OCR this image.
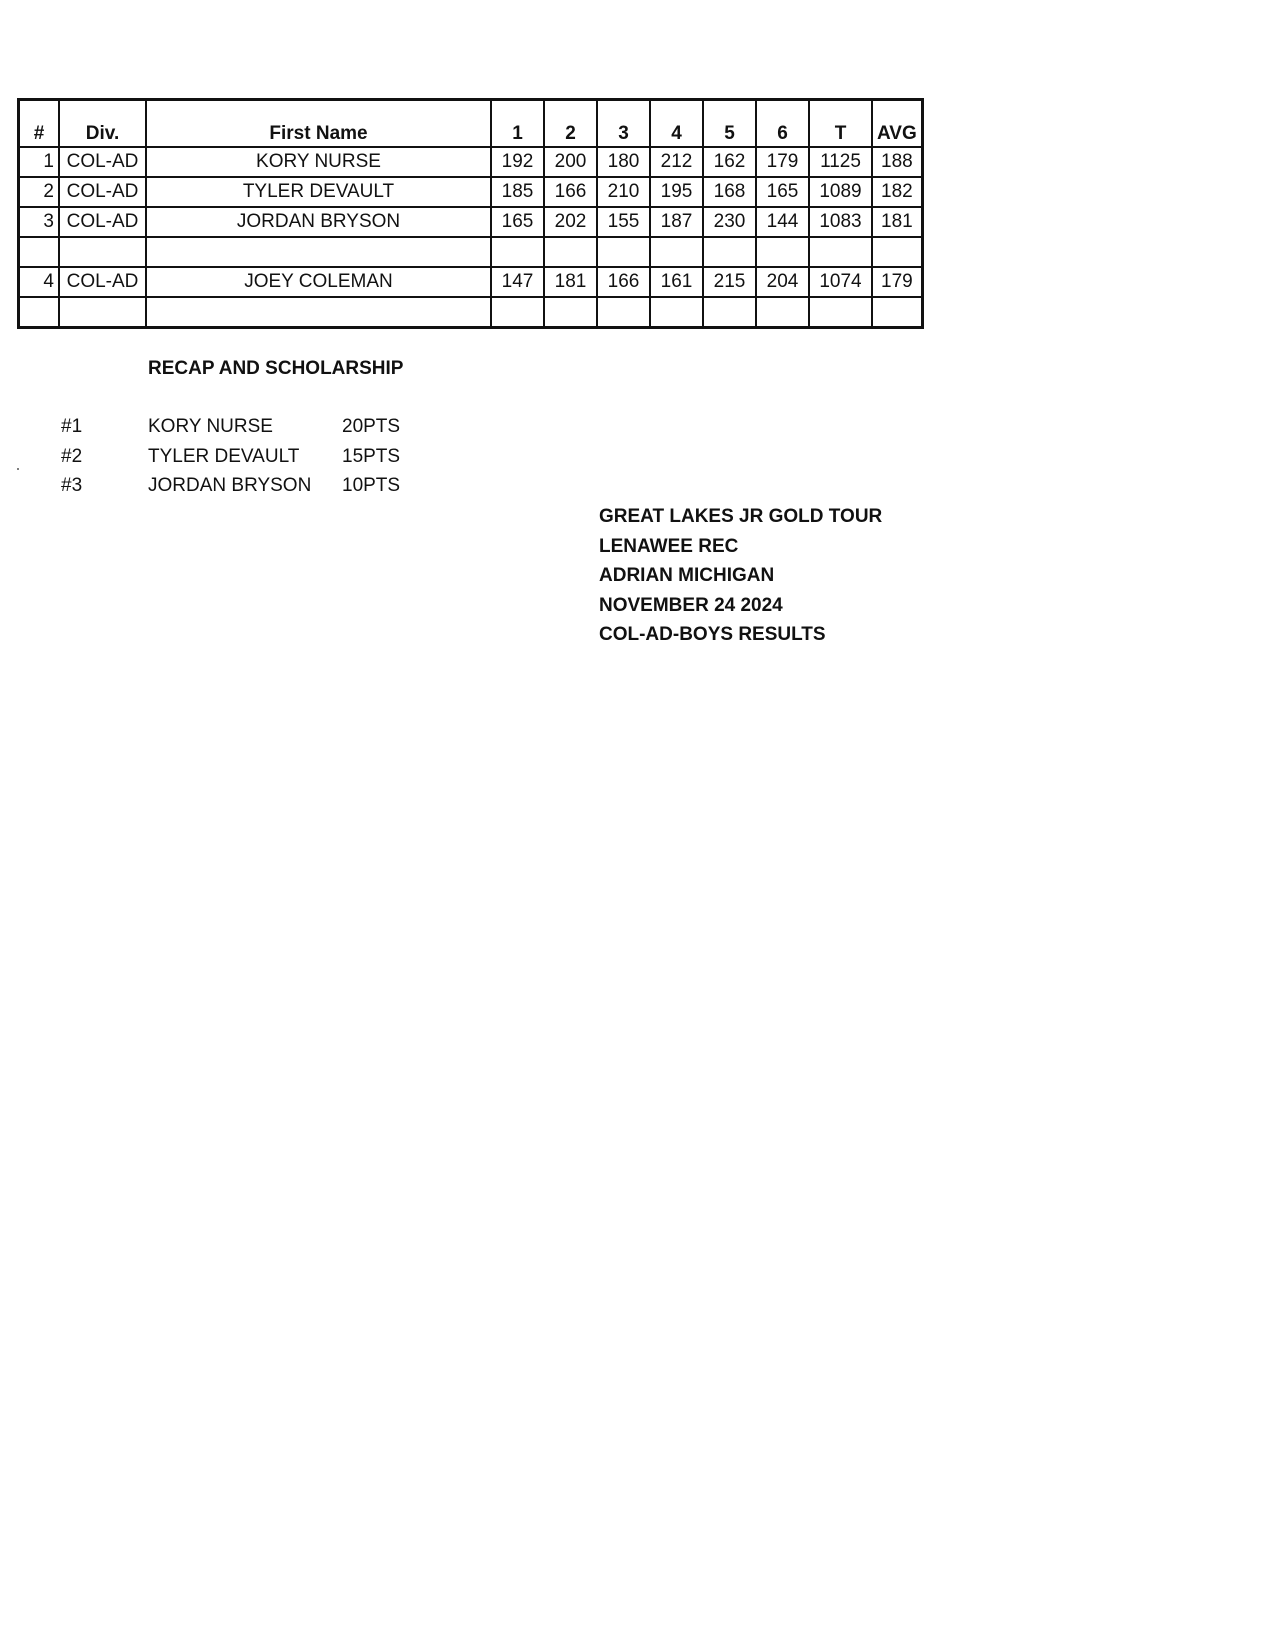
#	Div.	First Name	1	2	3	4	5	6	T	AVG
1	COL-AD	KORY NURSE	192	200	180	212	162	179	1125	188
2	COL-AD	TYLER DEVAULT	185	166	210	195	168	165	1089	182
3	COL-AD	JORDAN BRYSON	165	202	155	187	230	144	1083	181

4	COL-AD	JOEY COLEMAN	147	181	166	161	215	204	1074	179

RECAP AND SCHOLARSHIP
#1	KORY NURSE	20PTS
#2	TYLER DEVAULT 15PTS
#3	JORDAN BRYSON 10PTS
GREAT LAKES JR GOLD TOUR
LENAWEE REC
ADRIAN MICHIGAN
NOVEMBER 24 2024
COL-AD-BOYS RESULTS
